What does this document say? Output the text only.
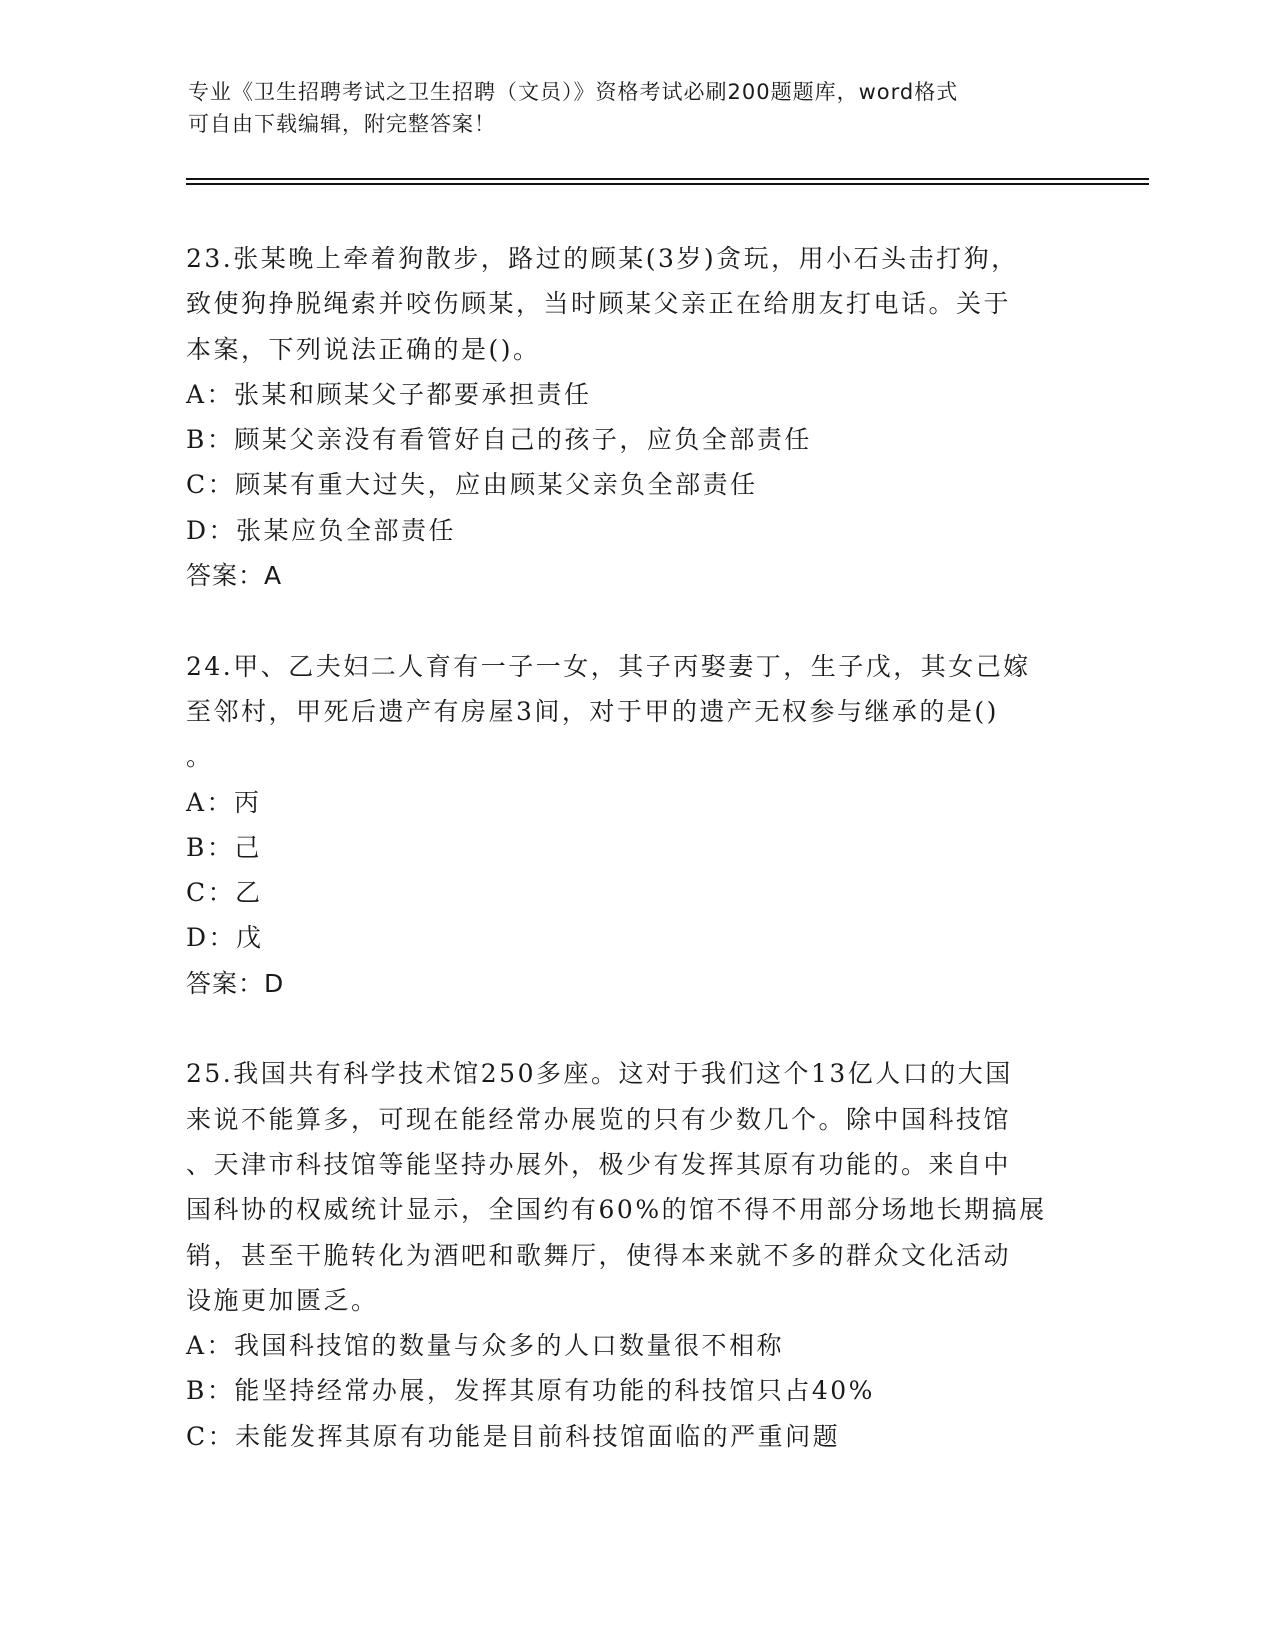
专业《卫生招聘考试之卫生招聘（文员）》资格考试必刷200题题库，word格式
可自由下载编辑，附完整答案！
23.张某晚上牵着狗散步，路过的顾某(3岁)贪玩，用小石头击打狗，
致使狗挣脱绳索并咬伤顾某，当时顾某父亲正在给朋友打电话。关于
本案，下列说法正确的是()。
A：张某和顾某父子都要承担责任
B：顾某父亲没有看管好自己的孩子，应负全部责任
C：顾某有重大过失，应由顾某父亲负全部责任
D：张某应负全部责任
答案：A
24.甲、乙夫妇二人育有一子一女，其子丙娶妻丁，生子戊，其女己嫁
至邻村，甲死后遗产有房屋3间，对于甲的遗产无权参与继承的是()
。
A：丙
B：己
C：乙
D：戊
答案：D
25.我国共有科学技术馆250多座。这对于我们这个13亿人口的大国
来说不能算多，可现在能经常办展览的只有少数几个。除中国科技馆
、天津市科技馆等能坚持办展外，极少有发挥其原有功能的。来自中
国科协的权威统计显示，全国约有60%的馆不得不用部分场地长期搞展
销，甚至干脆转化为酒吧和歌舞厅，使得本来就不多的群众文化活动
设施更加匮乏。
A：我国科技馆的数量与众多的人口数量很不相称
B：能坚持经常办展，发挥其原有功能的科技馆只占40%
C：未能发挥其原有功能是目前科技馆面临的严重问题
